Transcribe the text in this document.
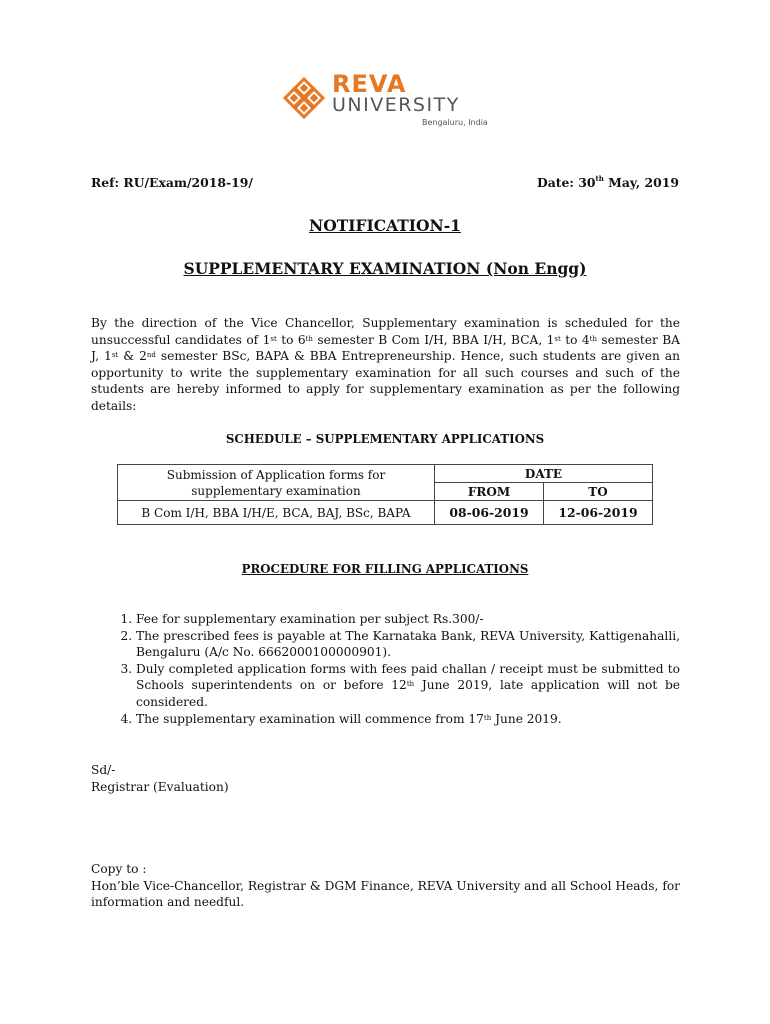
REVA
UNIVERSITY
Bengaluru, India
Ref: RU/Exam/2018-19/	Date: 30th May, 2019
NOTIFICATION-1
SUPPLEMENTARY EXAMINATION (Non Engg)
By the direction of the Vice Chancellor, Supplementary examination is scheduled for the unsuccessful candidates of 1st to 6th semester B Com I/H, BBA I/H, BCA, 1st to 4th semester BA J, 1st & 2nd semester BSc, BAPA & BBA Entrepreneurship. Hence, such students are given an opportunity to write the supplementary examination for all such courses and such of the students are hereby informed to apply for supplementary examination as per the following details:
SCHEDULE – SUPPLEMENTARY APPLICATIONS
Submission of Application forms for
supplementary examination	DATE	
	FROM	TO
B Com I/H, BBA I/H/E, BCA, BAJ, BSc, BAPA	08-06-2019	12-06-2019
PROCEDURE FOR FILLING APPLICATIONS
1. Fee for supplementary examination per subject Rs.300/-
2. The prescribed fees is payable at The Karnataka Bank, REVA University, Kattigenahalli, Bengaluru (A/c No. 6662000100000901).
3. Duly completed application forms with fees paid challan / receipt must be submitted to Schools superintendents on or before 12th June 2019, late application will not be considered.
4. The supplementary examination will commence from 17th June 2019.
Sd/-
Registrar (Evaluation)
Copy to :
Hon’ble Vice-Chancellor, Registrar & DGM Finance, REVA University and all School Heads, for information and needful.
